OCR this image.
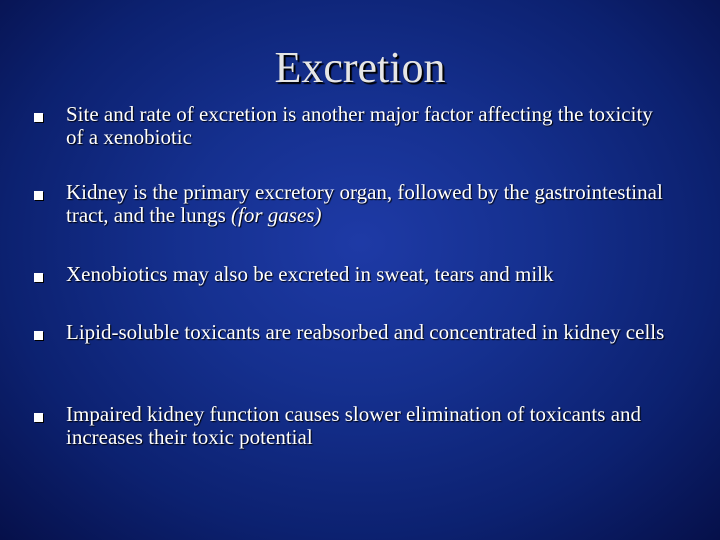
Excretion
Site and rate of excretion is another major factor affecting the toxicity of a xenobiotic
Kidney is the primary excretory organ, followed by the gastrointestinal tract, and the lungs (for gases)
Xenobiotics may also be excreted in sweat, tears and milk
Lipid-soluble toxicants are reabsorbed and concentrated in kidney cells
Impaired kidney function causes slower elimination of toxicants and increases their toxic potential
